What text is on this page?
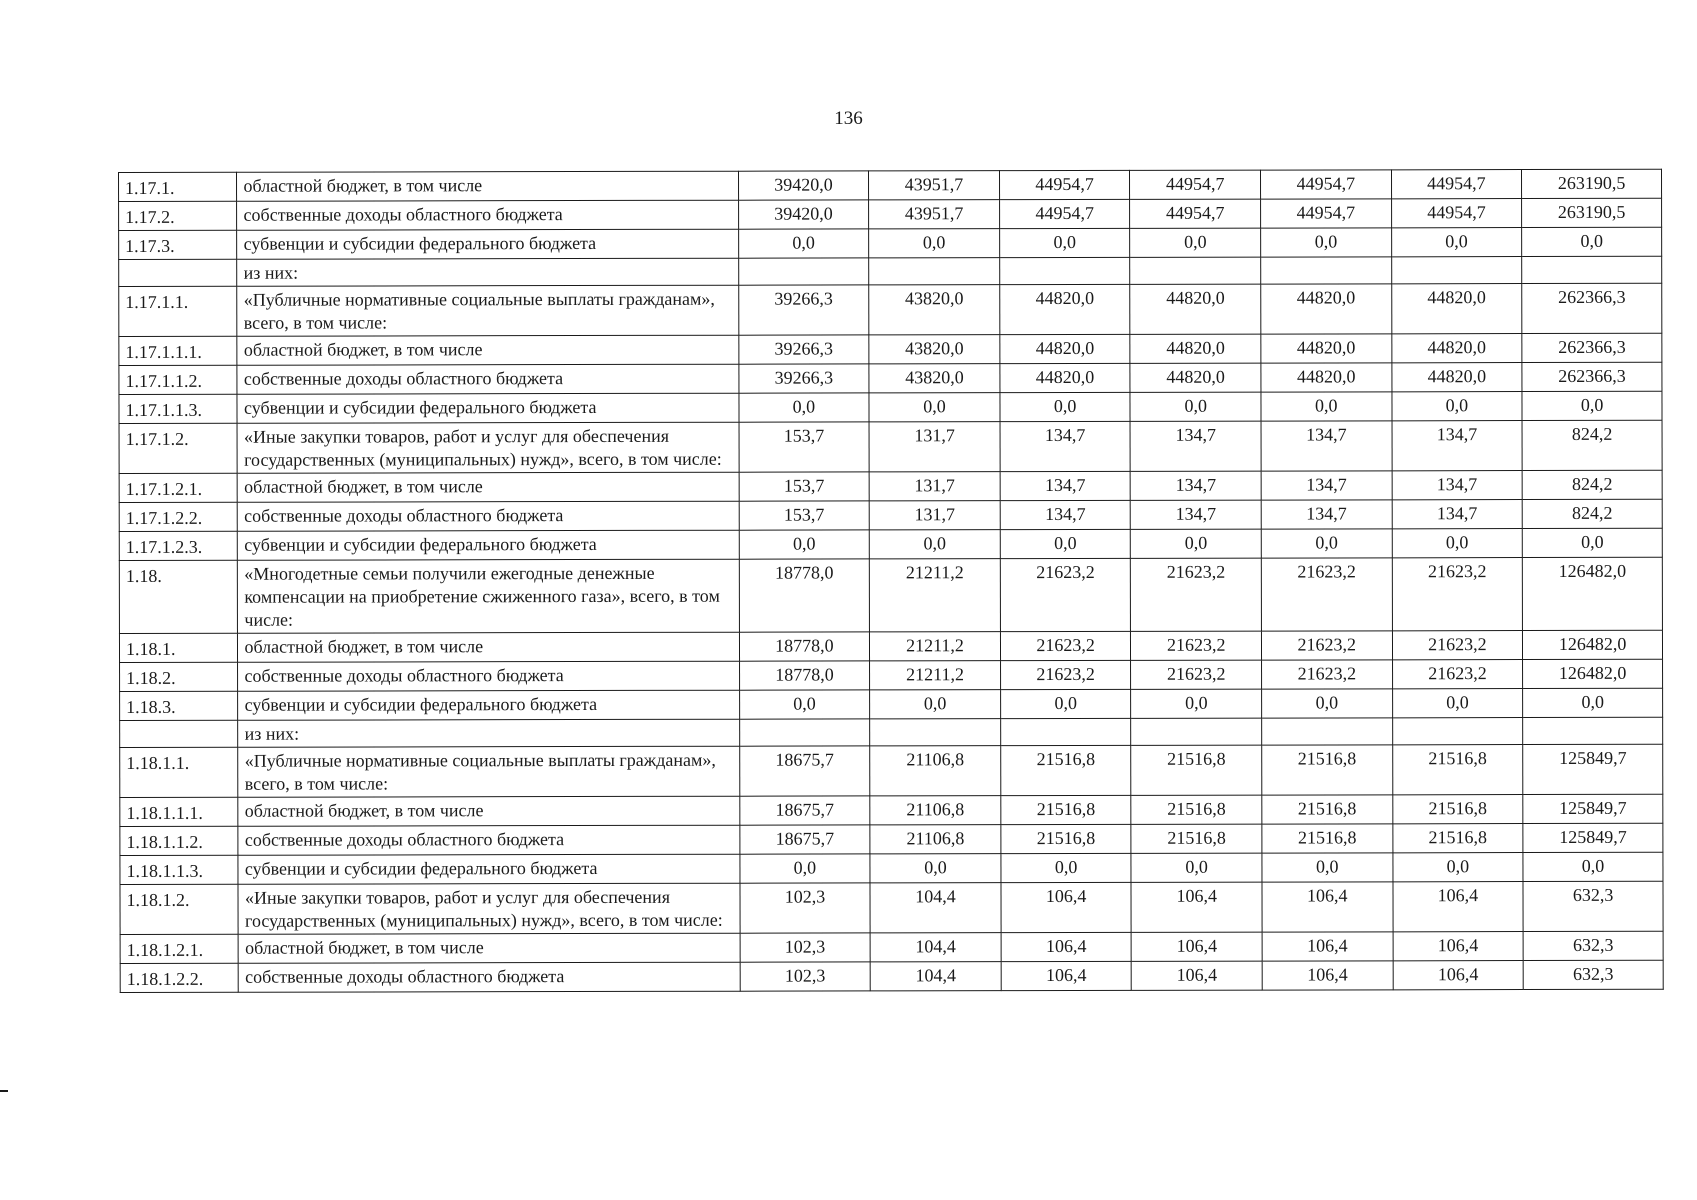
136
1.17.1.	областной бюджет, в том числе	39420,0	43951,7	44954,7	44954,7	44954,7	44954,7	263190,5
1.17.2.	собственные доходы областного бюджета	39420,0	43951,7	44954,7	44954,7	44954,7	44954,7	263190,5
1.17.3.	субвенции и субсидии федерального бюджета	0,0	0,0	0,0	0,0	0,0	0,0	0,0
	из них:							
1.17.1.1.	«Публичные нормативные социальные выплаты гражданам», всего, в том числе:	39266,3	43820,0	44820,0	44820,0	44820,0	44820,0	262366,3
1.17.1.1.1.	областной бюджет, в том числе	39266,3	43820,0	44820,0	44820,0	44820,0	44820,0	262366,3
1.17.1.1.2.	собственные доходы областного бюджета	39266,3	43820,0	44820,0	44820,0	44820,0	44820,0	262366,3
1.17.1.1.3.	субвенции и субсидии федерального бюджета	0,0	0,0	0,0	0,0	0,0	0,0	0,0
1.17.1.2.	«Иные закупки товаров, работ и услуг для обеспечения государственных (муниципальных) нужд», всего, в том числе:	153,7	131,7	134,7	134,7	134,7	134,7	824,2
1.17.1.2.1.	областной бюджет, в том числе	153,7	131,7	134,7	134,7	134,7	134,7	824,2
1.17.1.2.2.	собственные доходы областного бюджета	153,7	131,7	134,7	134,7	134,7	134,7	824,2
1.17.1.2.3.	субвенции и субсидии федерального бюджета	0,0	0,0	0,0	0,0	0,0	0,0	0,0
1.18.	«Многодетные семьи получили ежегодные денежные компенсации на приобретение сжиженного газа», всего, в том числе:	18778,0	21211,2	21623,2	21623,2	21623,2	21623,2	126482,0
1.18.1.	областной бюджет, в том числе	18778,0	21211,2	21623,2	21623,2	21623,2	21623,2	126482,0
1.18.2.	собственные доходы областного бюджета	18778,0	21211,2	21623,2	21623,2	21623,2	21623,2	126482,0
1.18.3.	субвенции и субсидии федерального бюджета	0,0	0,0	0,0	0,0	0,0	0,0	0,0
	из них:							
1.18.1.1.	«Публичные нормативные социальные выплаты гражданам», всего, в том числе:	18675,7	21106,8	21516,8	21516,8	21516,8	21516,8	125849,7
1.18.1.1.1.	областной бюджет, в том числе	18675,7	21106,8	21516,8	21516,8	21516,8	21516,8	125849,7
1.18.1.1.2.	собственные доходы областного бюджета	18675,7	21106,8	21516,8	21516,8	21516,8	21516,8	125849,7
1.18.1.1.3.	субвенции и субсидии федерального бюджета	0,0	0,0	0,0	0,0	0,0	0,0	0,0
1.18.1.2.	«Иные закупки товаров, работ и услуг для обеспечения государственных (муниципальных) нужд», всего, в том числе:	102,3	104,4	106,4	106,4	106,4	106,4	632,3
1.18.1.2.1.	областной бюджет, в том числе	102,3	104,4	106,4	106,4	106,4	106,4	632,3
1.18.1.2.2.	собственные доходы областного бюджета	102,3	104,4	106,4	106,4	106,4	106,4	632,3
